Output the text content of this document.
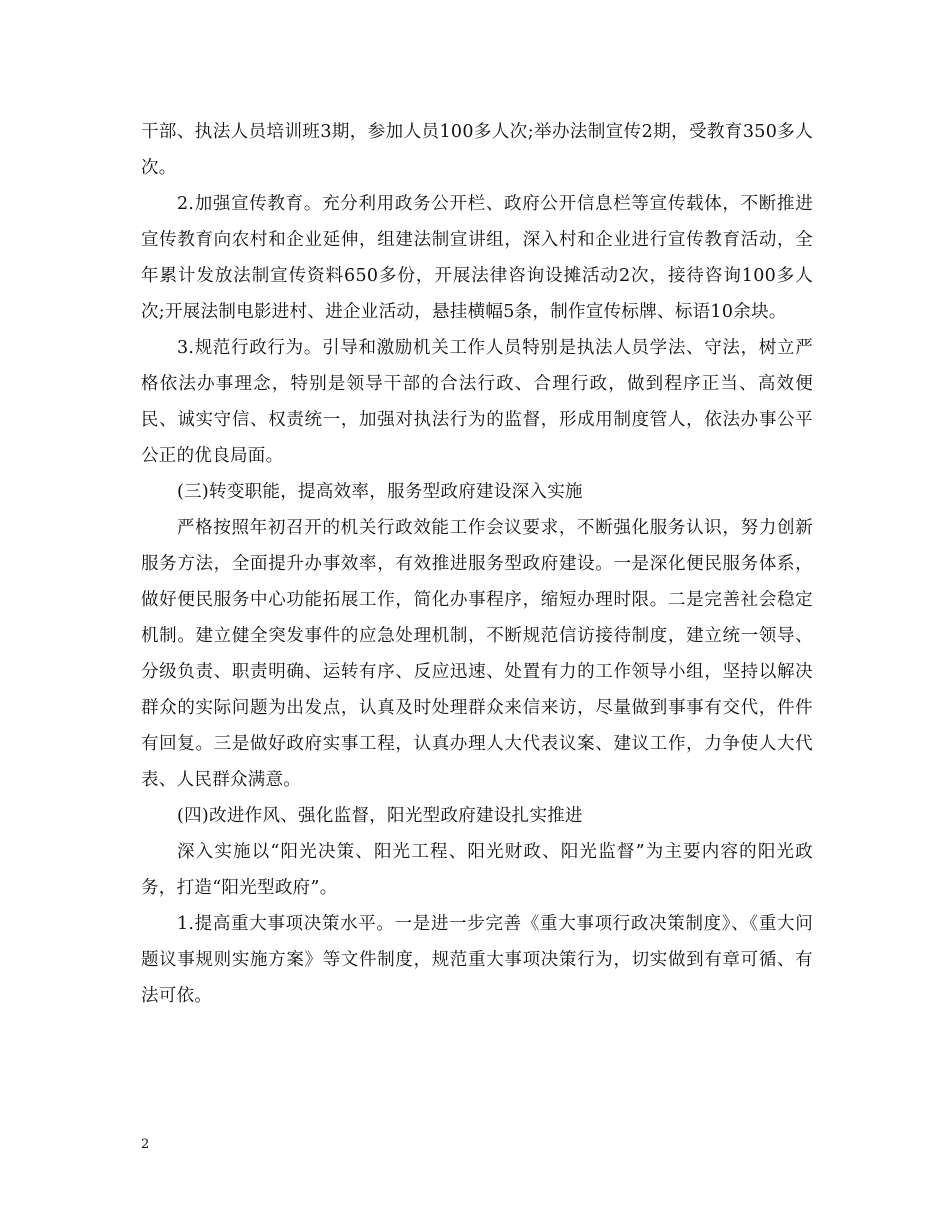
干部、执法人员培训班3期，参加人员100多人次;举办法制宣传2期，受教育350多人次。

2.加强宣传教育。充分利用政务公开栏、政府公开信息栏等宣传载体，不断推进宣传教育向农村和企业延伸，组建法制宣讲组，深入村和企业进行宣传教育活动，全年累计发放法制宣传资料650多份，开展法律咨询设摊活动2次，接待咨询100多人次;开展法制电影进村、进企业活动，悬挂横幅5条，制作宣传标牌、标语10余块。

3.规范行政行为。引导和激励机关工作人员特别是执法人员学法、守法，树立严格依法办事理念，特别是领导干部的合法行政、合理行政，做到程序正当、高效便民、诚实守信、权责统一，加强对执法行为的监督，形成用制度管人，依法办事公平公正的优良局面。

(三)转变职能，提高效率，服务型政府建设深入实施

严格按照年初召开的机关行政效能工作会议要求，不断强化服务认识，努力创新服务方法，全面提升办事效率，有效推进服务型政府建设。一是深化便民服务体系，做好便民服务中心功能拓展工作，简化办事程序，缩短办理时限。二是完善社会稳定机制。建立健全突发事件的应急处理机制，不断规范信访接待制度，建立统一领导、分级负责、职责明确、运转有序、反应迅速、处置有力的工作领导小组，坚持以解决群众的实际问题为出发点，认真及时处理群众来信来访，尽量做到事事有交代，件件有回复。三是做好政府实事工程，认真办理人大代表议案、建议工作，力争使人大代表、人民群众满意。

(四)改进作风、强化监督，阳光型政府建设扎实推进

深入实施以“阳光决策、阳光工程、阳光财政、阳光监督”为主要内容的阳光政务，打造“阳光型政府”。

1.提高重大事项决策水平。一是进一步完善《重大事项行政决策制度》、《重大问题议事规则实施方案》等文件制度，规范重大事项决策行为，切实做到有章可循、有法可依。

2
